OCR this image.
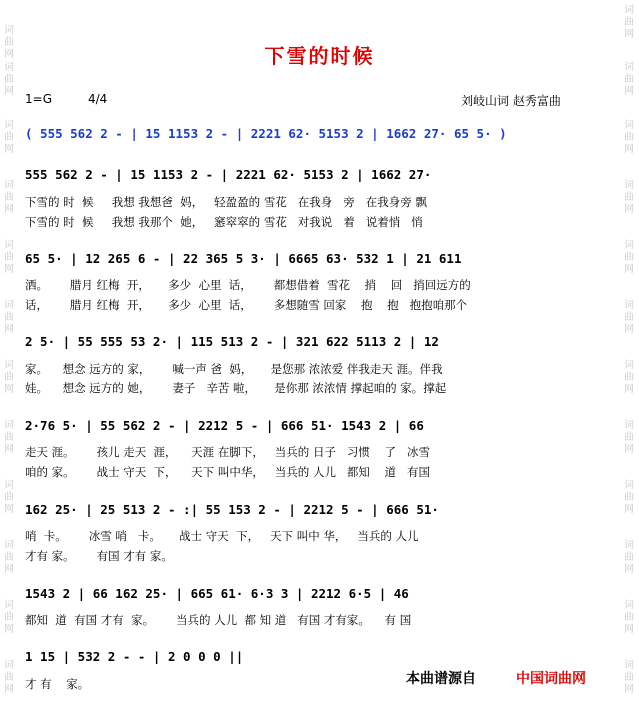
词
曲
网
词
曲
网
词
曲
网
词
曲
网
词
曲
网
词
曲
网
词
曲
网
词
曲
网
词
曲
网
词
曲
网
词
曲
网
词
曲
网
词
曲
网
词
曲
网
词
曲
网
词
曲
网
词
曲
网
词
曲
网
词
曲
网
词
曲
网
词
曲
网
词
曲
网
词
曲
网
词
曲
网
下雪的时候
1=G	4/4	刘岐山词 赵秀富曲
( 555 562 2 - | 15 1153 2 - | 2221 62· 5153 2 | 1662 27· 65 5· )
555 562 2 - | 15 1153 2 - | 2221 62· 5153 2 | 1662 27·
下雪的 时  候     我想 我想爸  妈，   轻盈盈的 雪花   在我身   旁   在我身旁 飘
下雪的 时  候     我想 我那个  她，   窸窣窣的 雪花   对我说   着   说着悄   悄
65 5· | 12 265 6 - | 22 365 5 3· | 6665 63· 532 1 | 21 611
洒。      腊月 红梅  开，     多少  心里  话，      都想借着  雪花    捎    回   捎回远方的
话，      腊月 红梅  开，     多少  心里  话，      多想随雪 回家    抱    抱   抱抱咱那个
2 5· | 55 555 53 2· | 115 513 2 - | 321 622 5113 2 | 12
家。    想念 远方的 家，      喊一声 爸  妈，     是您那 浓浓爱 伴我走天 涯。伴我
娃。    想念 远方的 她，      妻子   辛苦 啦，     是你那 浓浓情 撑起咱的 家。撑起
2·76 5· | 55 562 2 - | 2212 5 - | 666 51· 1543 2 | 66
走天 涯。      孩儿 走天  涯，    天涯 在脚下，   当兵的 日子   习惯    了   冰雪
咱的 家。      战士 守天  下，    天下 叫中华，   当兵的 人儿   都知    道   有国
162 25· | 25 513 2 - :| 55 153 2 - | 2212 5 - | 666 51·
哨  卡。      冰雪 哨   卡。     战士 守天  下，   天下 叫中 华，   当兵的 人儿
才有 家。      有国 才有 家。
1543 2 | 66 162 25· | 665 61· 6·3 3 | 2212 6·5 | 46
都知  道  有国 才有  家。      当兵的 人儿  都 知 道   有国 才有家。    有 国
1 15 | 532 2 - - | 2 0 0 0 ||
才 有    家。	本曲谱源自	中国词曲网
